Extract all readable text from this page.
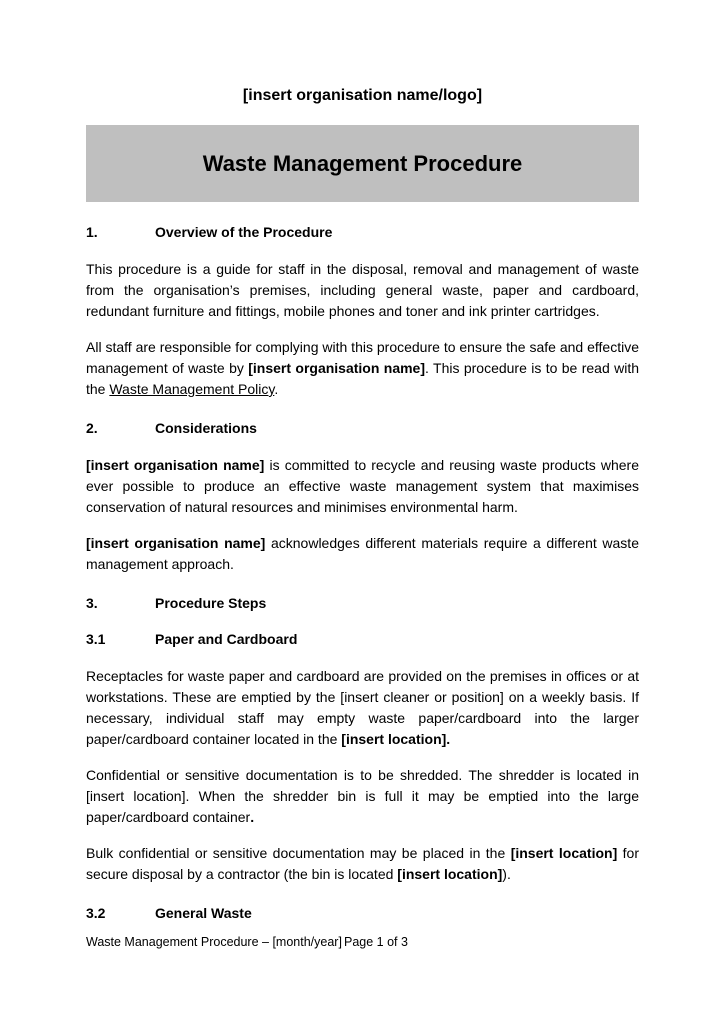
[insert organisation name/logo]
Waste Management Procedure
1.	Overview of the Procedure

This procedure is a guide for staff in the disposal, removal and management of waste from the organisation’s premises, including general waste, paper and cardboard, redundant furniture and fittings, mobile phones and toner and ink printer cartridges.

All staff are responsible for complying with this procedure to ensure the safe and effective management of waste by [insert organisation name]. This procedure is to be read with the Waste Management Policy.

2.	Considerations

[insert organisation name] is committed to recycle and reusing waste products where ever possible to produce an effective waste management system that maximises conservation of natural resources and minimises environmental harm.

[insert organisation name] acknowledges different materials require a different waste management approach.

3.	Procedure Steps
3.1	Paper and Cardboard

Receptacles for waste paper and cardboard are provided on the premises in offices or at workstations. These are emptied by the [insert cleaner or position] on a weekly basis. If necessary, individual staff may empty waste paper/cardboard into the larger paper/cardboard container located in the [insert location].

Confidential or sensitive documentation is to be shredded. The shredder is located in [insert location]. When the shredder bin is full it may be emptied into the large paper/cardboard container.

Bulk confidential or sensitive documentation may be placed in the [insert location] for secure disposal by a contractor (the bin is located [insert location]).

3.2	General Waste
Waste Management Procedure – [month/year] Page 1 of 3
